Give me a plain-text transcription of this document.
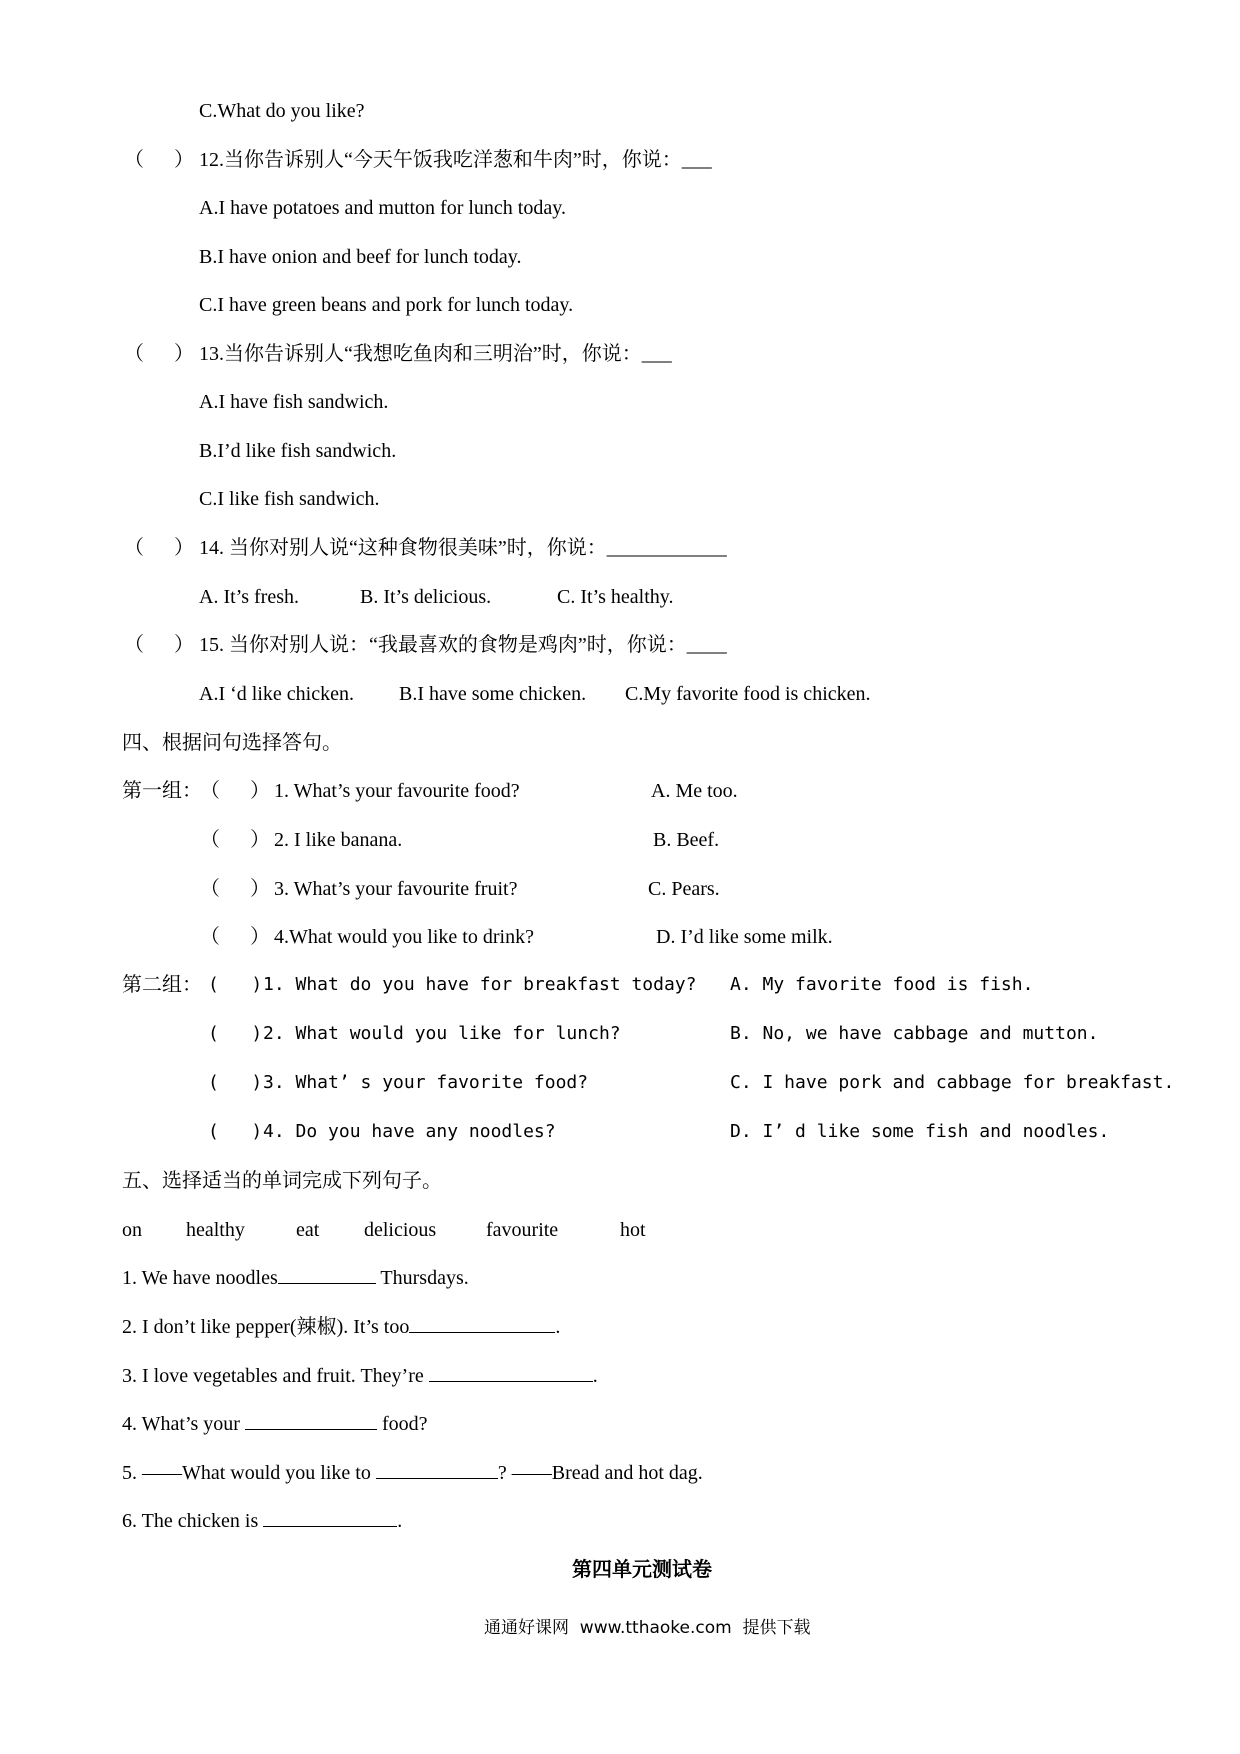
C.What do you like?
（      ） 12.当你告诉别人“今天午饭我吃洋葱和牛肉”时，你说：___
A.I have potatoes and mutton for lunch today.
B.I have onion and beef for lunch today.
C.I have green beans and pork for lunch today.
（      ） 13.当你告诉别人“我想吃鱼肉和三明治”时，你说：___
A.I have fish sandwich.
B.I’d like fish sandwich.
C.I like fish sandwich.
（      ） 14. 当你对别人说“这种食物很美味”时，你说：____________
A. It’s fresh.	B. It’s delicious.	C. It’s healthy.
（      ） 15. 当你对别人说：“我最喜欢的食物是鸡肉”时，你说：____
A.I ‘d like chicken. B.I have some chicken. C.My favorite food is chicken.
四、根据问句选择答句。
第一组：
（      ） 1. What’s your favourite food?	A. Me too.
（      ） 2. I like banana.	B. Beef.
（      ） 3. What’s your favourite fruit?	C. Pears.
（      ） 4.What would you like to drink?	D. I’d like some milk.
第二组： (   ) 1. What do you have for breakfast today? A. My favorite food is fish.
(   ) 2. What would you like for lunch?	B. No, we have cabbage and mutton.
(   ) 3. What’ s your favorite food?	C. I have pork and cabbage for breakfast.
(   ) 4. Do you have any noodles?	D. I’ d like some fish and noodles.
五、选择适当的单词完成下列句子。
on healthy	eat delicious favourite	hot
1. We have noodles	Thursdays.
2. I don’t like pepper(辣椒). It’s too	.
3. I love vegetables and fruit. They’re	.
4. What’s your	food?
5. ——What would you like to	? ——Bread and hot dag.
6. The chicken is	.
第四单元测试卷
通通好课网  www.tthaoke.com  提供下载
